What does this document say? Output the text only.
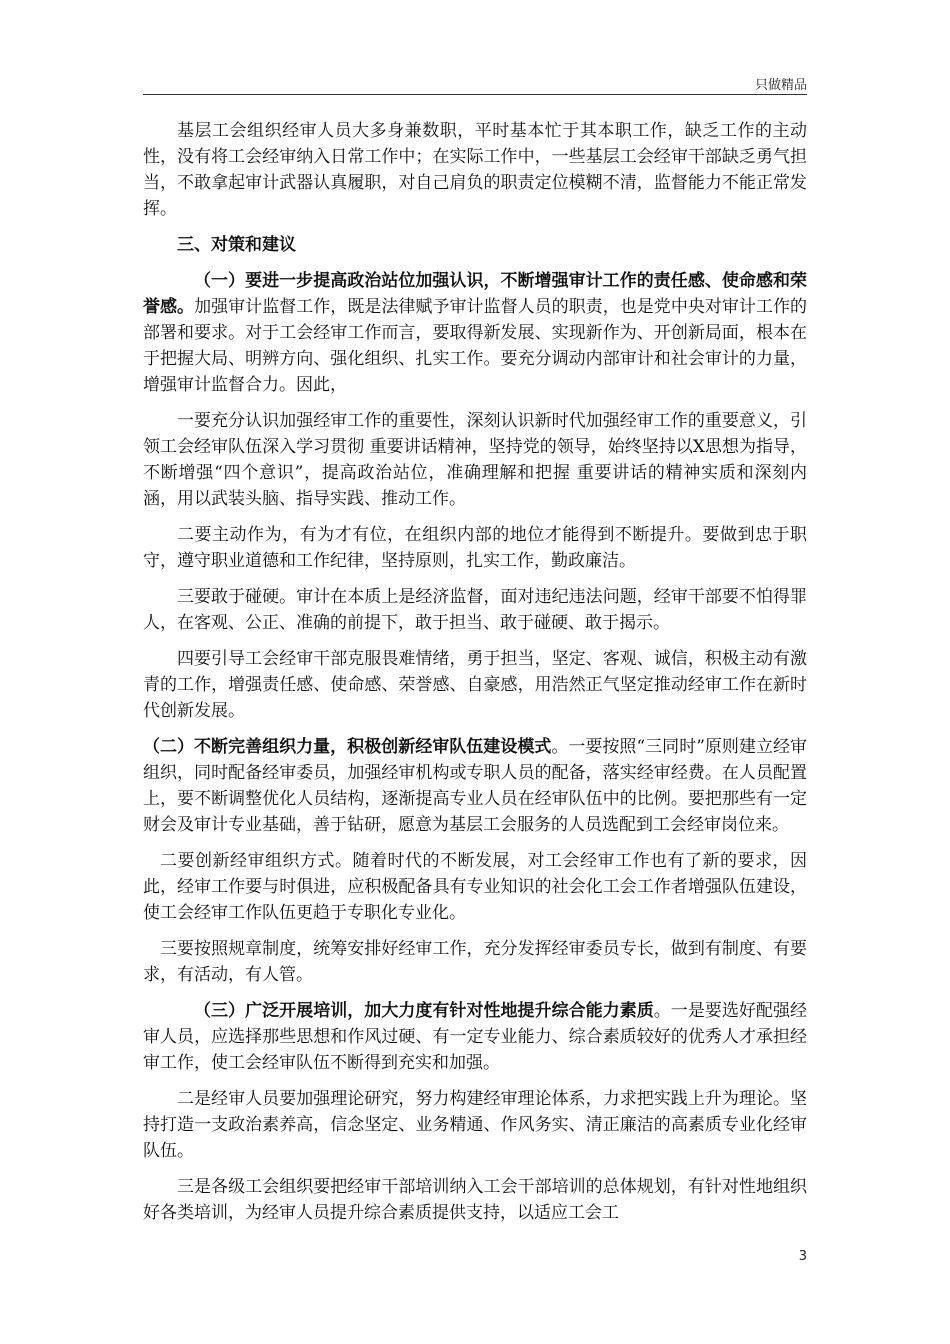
只做精品

基层工会组织经审人员大多身兼数职，平时基本忙于其本职工作，缺乏工作的主动性，没有将工会经审纳入日常工作中；在实际工作中，一些基层工会经审干部缺乏勇气担当，不敢拿起审计武器认真履职，对自己肩负的职责定位模糊不清，监督能力不能正常发挥。

三、对策和建议

（一）要进一步提高政治站位加强认识，不断增强审计工作的责任感、使命感和荣誉感。加强审计监督工作，既是法律赋予审计监督人员的职责，也是党中央对审计工作的部署和要求。对于工会经审工作而言，要取得新发展、实现新作为、开创新局面，根本在于把握大局、明辨方向、强化组织、扎实工作。要充分调动内部审计和社会审计的力量，增强审计监督合力。因此，

一要充分认识加强经审工作的重要性，深刻认识新时代加强经审工作的重要意义，引领工会经审队伍深入学习贯彻 重要讲话精神，坚持党的领导，始终坚持以X思想为指导，不断增强“四个意识”，提高政治站位，准确理解和把握 重要讲话的精神实质和深刻内涵，用以武装头脑、指导实践、推动工作。

二要主动作为，有为才有位，在组织内部的地位才能得到不断提升。要做到忠于职守，遵守职业道德和工作纪律，坚持原则，扎实工作，勤政廉洁。

三要敢于碰硬。审计在本质上是经济监督，面对违纪违法问题，经审干部要不怕得罪人，在客观、公正、准确的前提下，敢于担当、敢于碰硬、敢于揭示。

四要引导工会经审干部克服畏难情绪，勇于担当，坚定、客观、诚信，积极主动有激青的工作，增强责任感、使命感、荣誉感、自豪感，用浩然正气坚定推动经审工作在新时代创新发展。

（二）不断完善组织力量，积极创新经审队伍建设模式。一要按照“三同时”原则建立经审组织，同时配备经审委员，加强经审机构或专职人员的配备，落实经审经费。在人员配置上，要不断调整优化人员结构，逐渐提高专业人员在经审队伍中的比例。要把那些有一定财会及审计专业基础，善于钻研，愿意为基层工会服务的人员选配到工会经审岗位来。

二要创新经审组织方式。随着时代的不断发展，对工会经审工作也有了新的要求，因此，经审工作要与时俱进，应积极配备具有专业知识的社会化工会工作者增强队伍建设，使工会经审工作队伍更趋于专职化专业化。

三要按照规章制度，统筹安排好经审工作，充分发挥经审委员专长，做到有制度、有要求，有活动，有人管。

（三）广泛开展培训，加大力度有针对性地提升综合能力素质。一是要选好配强经审人员，应选择那些思想和作风过硬、有一定专业能力、综合素质较好的优秀人才承担经审工作，使工会经审队伍不断得到充实和加强。

二是经审人员要加强理论研究，努力构建经审理论体系，力求把实践上升为理论。坚持打造一支政治素养高，信念坚定、业务精通、作风务实、清正廉洁的高素质专业化经审队伍。

三是各级工会组织要把经审干部培训纳入工会干部培训的总体规划，有针对性地组织好各类培训，为经审人员提升综合素质提供支持，以适应工会工

3
